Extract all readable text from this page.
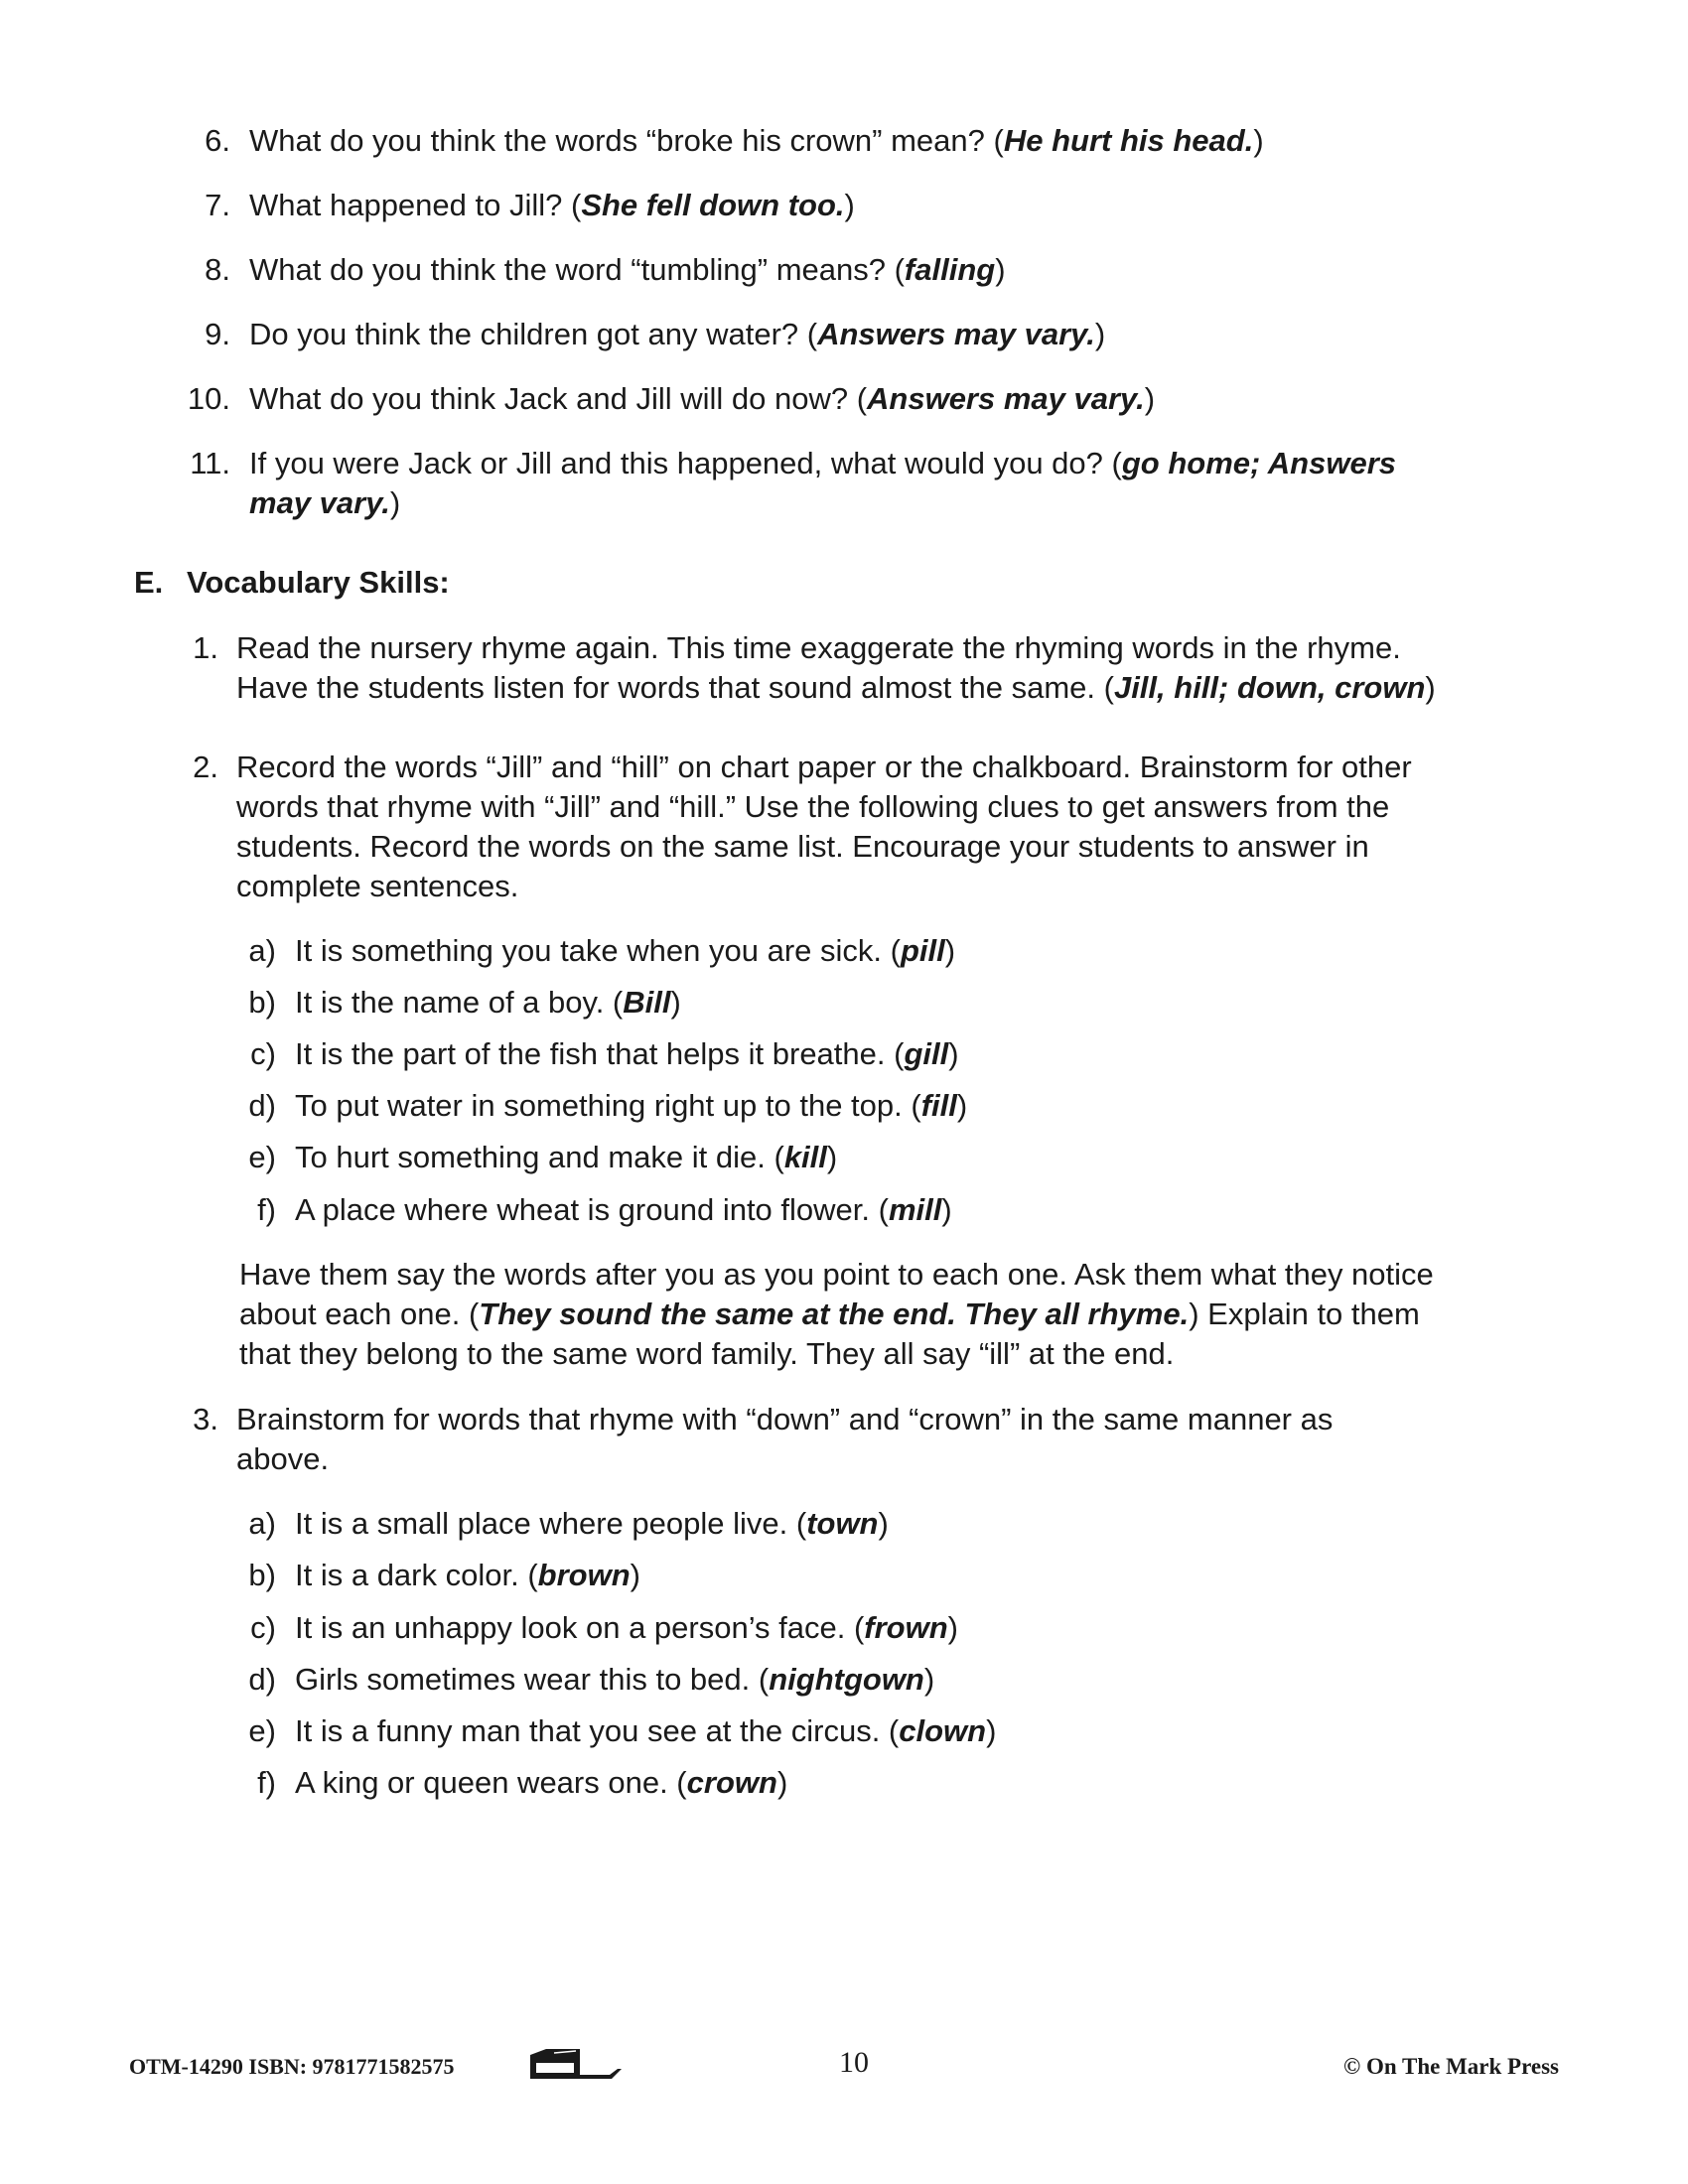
6. What do you think the words “broke his crown” mean? (He hurt his head.)
7. What happened to Jill? (She fell down too.)
8. What do you think the word “tumbling” means? (falling)
9. Do you think the children got any water? (Answers may vary.)
10. What do you think Jack and Jill will do now? (Answers may vary.)
11. If you were Jack or Jill and this happened, what would you do? (go home; Answers
may vary.)
E. Vocabulary Skills:
1. Read the nursery rhyme again. This time exaggerate the rhyming words in the rhyme.
Have the students listen for words that sound almost the same. (Jill, hill; down, crown)
2. Record the words “Jill” and “hill” on chart paper or the chalkboard. Brainstorm for other
words that rhyme with “Jill” and “hill.” Use the following clues to get answers from the
students. Record the words on the same list. Encourage your students to answer in
complete sentences.
a) It is something you take when you are sick. (pill)
b) It is the name of a boy. (Bill)
c) It is the part of the fish that helps it breathe. (gill)
d) To put water in something right up to the top. (fill)
e) To hurt something and make it die. (kill)
f) A place where wheat is ground into flower. (mill)
Have them say the words after you as you point to each one. Ask them what they notice
about each one. (They sound the same at the end. They all rhyme.) Explain to them
that they belong to the same word family. They all say “ill” at the end.
3. Brainstorm for words that rhyme with “down” and “crown” in the same manner as
above.
a) It is a small place where people live. (town)
b) It is a dark color. (brown)
c) It is an unhappy look on a person’s face. (frown)
d) Girls sometimes wear this to bed. (nightgown)
e) It is a funny man that you see at the circus. (clown)
f) A king or queen wears one. (crown)
OTM-14290 ISBN: 9781771582575	10	© On The Mark Press
